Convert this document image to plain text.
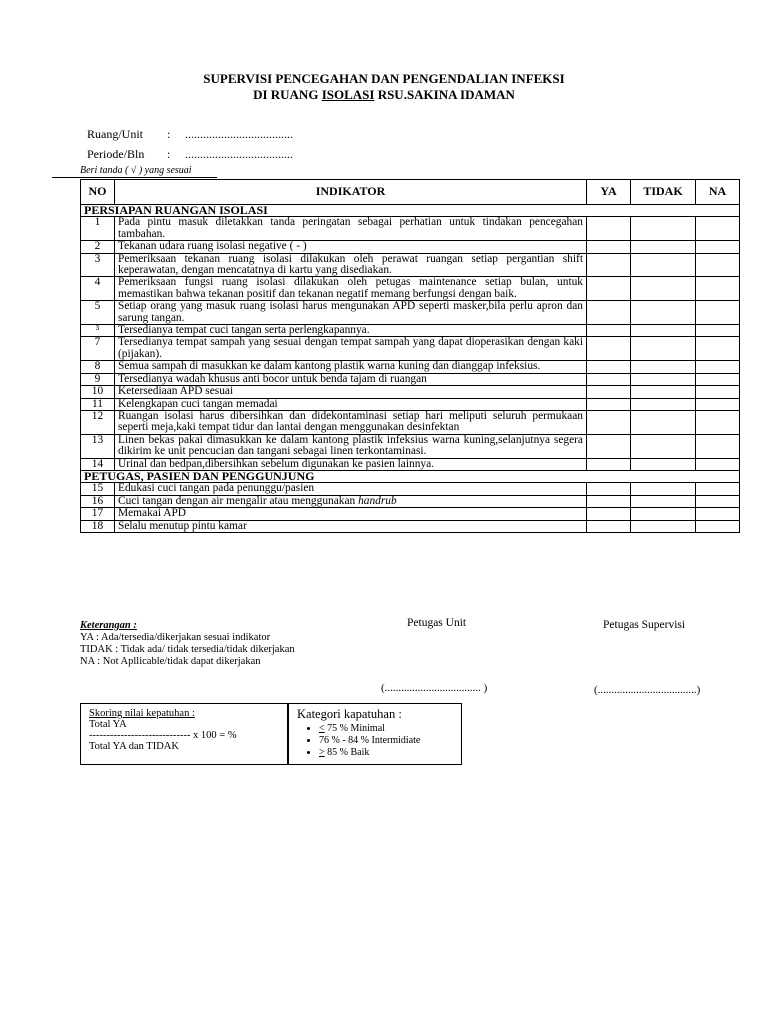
SUPERVISI PENCEGAHAN DAN PENGENDALIAN INFEKSI
DI RUANG ISOLASI RSU.SAKINA IDAMAN
Ruang/Unit : ....................................
Periode/Bln : ....................................
Beri tanda ( √ ) yang sesuai
NO	INDIKATOR	YA	TIDAK	NA
PERSIAPAN RUANGAN ISOLASI				
1	Pada pintu masuk diletakkan tanda peringatan sebagai perhatian untuk tindakan pencegahan tambahan.			
2	Tekanan udara ruang isolasi negative ( - )			
3	Pemeriksaan tekanan ruang isolasi dilakukan oleh perawat ruangan setiap pergantian shift keperawatan, dengan mencatatnya di kartu yang disediakan.			
4	Pemeriksaan fungsi ruang isolasi dilakukan oleh petugas maintenance setiap bulan, untuk memastikan bahwa tekanan positif dan tekanan negatif memang berfungsi dengan baik.			
5	Setiap orang yang masuk ruang isolasi harus mengunakan APD seperti masker,bila perlu apron dan sarung tangan.			
³	Tersedianya tempat cuci tangan serta perlengkapannya.			
7	Tersedianya tempat sampah yang sesuai dengan tempat sampah yang dapat dioperasikan dengan kaki (pijakan).			
8	Semua sampah di masukkan ke dalam kantong plastik warna kuning dan dianggap infeksius.			
9	Tersedianya wadah khusus anti bocor untuk benda tajam di ruangan			
10	Ketersediaan APD sesuai			
11	Kelengkapan cuci tangan memadai			
12	Ruangan isolasi harus dibersihkan dan didekontaminasi setiap hari meliputi seluruh permukaan seperti meja,kaki tempat tidur dan lantai dengan menggunakan desinfektan			
13	Linen bekas pakai dimasukkan ke dalam kantong plastik infeksius warna kuning,selanjutnya segera dikirim ke unit pencucian dan tangani sebagai linen terkontaminasi.			
14	Urinal dan bedpan,dibersihkan sebelum digunakan ke pasien lainnya.			
PETUGAS, PASIEN DAN PENGGUNJUNG				
15	Edukasi cuci tangan pada penunggu/pasien			
16	Cuci tangan dengan air mengalir atau menggunakan handrub			
17	Memakai APD			
18	Selalu menutup pintu kamar			
Keterangan :
YA : Ada/tersedia/dikerjakan sesuai indikator
TIDAK : Tidak ada/ tidak tersedia/tidak dikerjakan
NA : Not Apllicable/tidak dapat dikerjakan
Petugas Unit	Petugas Supervisi
(................................... )	(....................................)
Skoring nilai kepatuhan :
Total YA
----------------------------- x 100 = %
Total YA dan TIDAK
Kategori kapatuhan :
• < 75 % Minimal
• 76 % - 84 % Intermidiate
• > 85 % Baik
